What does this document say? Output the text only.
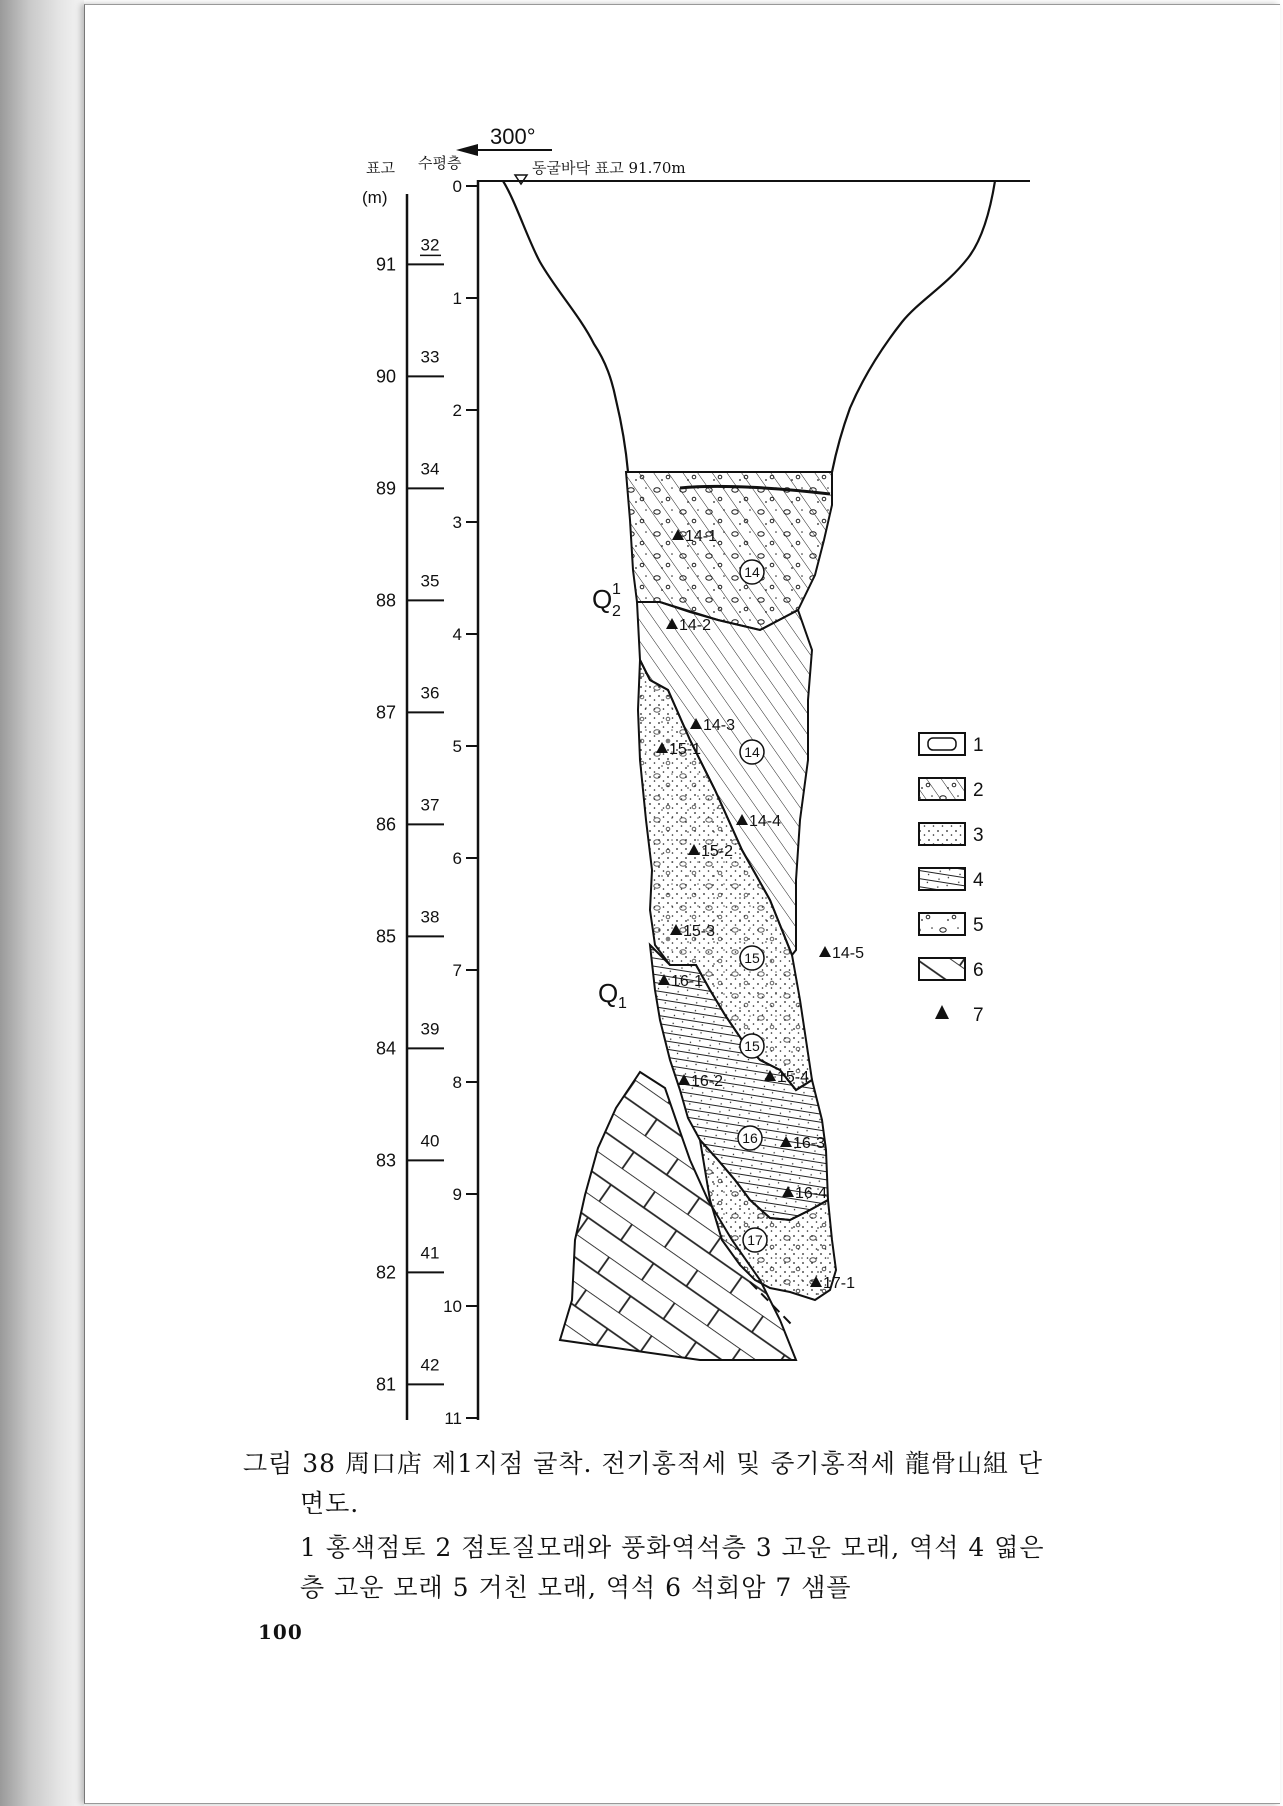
300°
표고 수평층	동굴바닥 표고 91.70m
(m)
91
90
89
88
87
86
85
84
83
82
81
0
1
2
3
4
5
6
7
8
9
10
11
32
33
34
35
36
37
38
39
40
41
42
Q 1
2
Q 1
14
14
15
15
16
17
14-1
14-2
14-3
14-4
14-5
15-1
15-2
15-3
15-4
16-1
16-2
16-3
16-4
17-1
1
2
3
4
5
6
7
그림 38 周口店 제1지점 굴착. 전기홍적세 및 중기홍적세 龍骨山組 단
면도.
1 홍색점토 2 점토질모래와 풍화역석층 3 고운 모래, 역석 4 엷은
층 고운 모래 5 거친 모래, 역석 6 석회암 7 샘플
100
